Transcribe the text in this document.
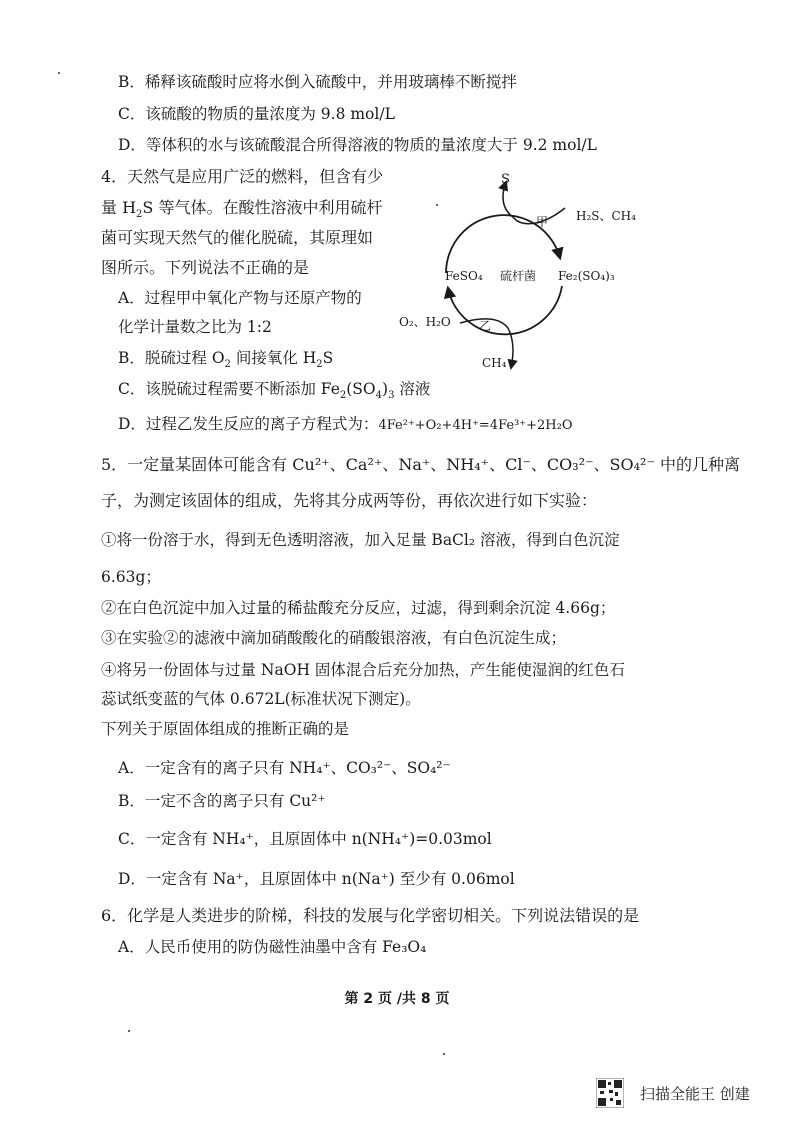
B．稀释该硫酸时应将水倒入硫酸中，并用玻璃棒不断搅拌
C．该硫酸的物质的量浓度为 9.8 mol/L
D．等体积的水与该硫酸混合所得溶液的物质的量浓度大于 9.2 mol/L
4．天然气是应用广泛的燃料，但含有少
量 $H_2S$ 等气体。在酸性溶液中利用硫杆
菌可实现天然气的催化脱硫，其原理如
图所示。下列说法不正确的是
A．过程甲中氧化产物与还原产物的
化学计量数之比为 1:2
B．脱硫过程 $O_2$ 间接氧化 $H_2S$
C．该脱硫过程需要不断添加 $Fe_2(SO_4)_3$ 溶液
D．过程乙发生反应的离子方程式为：4Fe²⁺+O₂+4H⁺=4Fe³⁺+2H₂O
S
甲 H₂S、CH₄
FeSO₄ 硫杆菌 Fe₂(SO₄)₃
O₂、H₂O 乙
CH₄
5．一定量某固体可能含有 Cu²⁺、Ca²⁺、Na⁺、NH₄⁺、Cl⁻、CO₃²⁻、SO₄²⁻ 中的几种离
子，为测定该固体的组成，先将其分成两等份，再依次进行如下实验：
①将一份溶于水，得到无色透明溶液，加入足量 BaCl₂ 溶液，得到白色沉淀
6.63g；
②在白色沉淀中加入过量的稀盐酸充分反应，过滤，得到剩余沉淀 4.66g；
③在实验②的滤液中滴加硝酸酸化的硝酸银溶液，有白色沉淀生成；
④将另一份固体与过量 NaOH 固体混合后充分加热，产生能使湿润的红色石
蕊试纸变蓝的气体 0.672L(标准状况下测定)。
下列关于原固体组成的推断正确的是
A．一定含有的离子只有 NH₄⁺、CO₃²⁻、SO₄²⁻
B．一定不含的离子只有 Cu²⁺
C．一定含有 NH₄⁺，且原固体中 n(NH₄⁺)=0.03mol
D．一定含有 Na⁺，且原固体中 n(Na⁺) 至少有 0.06mol
6．化学是人类进步的阶梯，科技的发展与化学密切相关。下列说法错误的是
A．人民币使用的防伪磁性油墨中含有 Fe₃O₄
第 2 页 /共 8 页
扫描全能王 创建
